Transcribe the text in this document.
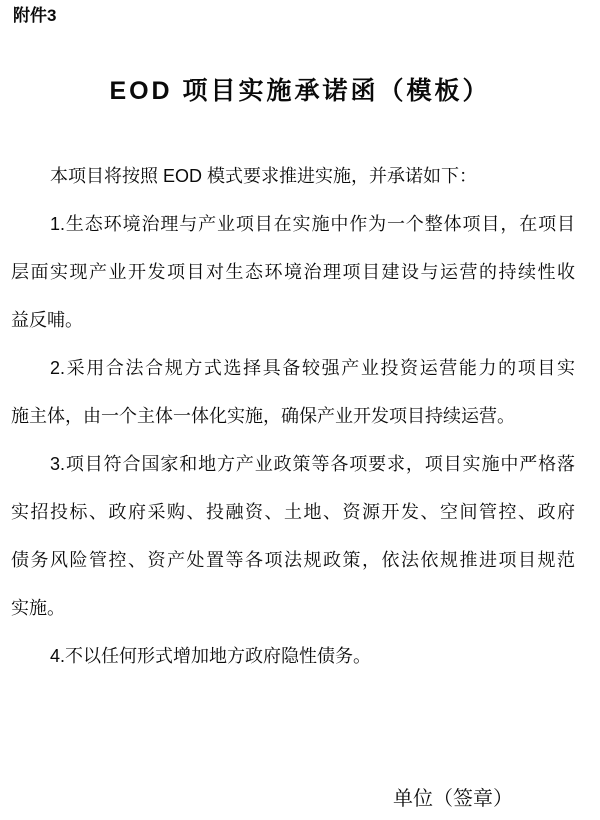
附件3
EOD 项目实施承诺函（模板）
本项目将按照 EOD 模式要求推进实施，并承诺如下：
1.生态环境治理与产业项目在实施中作为一个整体项目，在项目
层面实现产业开发项目对生态环境治理项目建设与运营的持续性收
益反哺。
2.采用合法合规方式选择具备较强产业投资运营能力的项目实
施主体，由一个主体一体化实施，确保产业开发项目持续运营。
3.项目符合国家和地方产业政策等各项要求，项目实施中严格落
实招投标、政府采购、投融资、土地、资源开发、空间管控、政府
债务风险管控、资产处置等各项法规政策，依法依规推进项目规范
实施。
4.不以任何形式增加地方政府隐性债务。
单位（签章）
